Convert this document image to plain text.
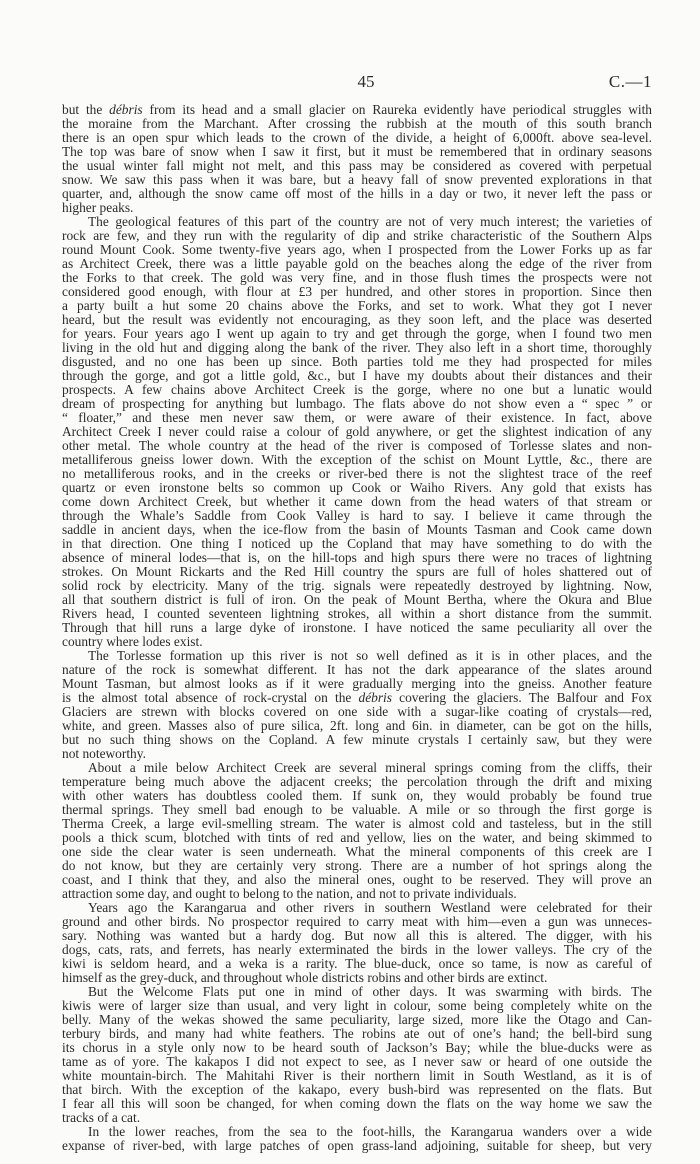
45	C.—1
but the débris from its head and a small glacier on Raureka evidently have periodical struggles with
the moraine from the Marchant. After crossing the rubbish at the mouth of this south branch
there is an open spur which leads to the crown of the divide, a height of 6,000ft. above sea-level.
The top was bare of snow when I saw it first, but it must be remembered that in ordinary seasons
the usual winter fall might not melt, and this pass may be considered as covered with perpetual
snow. We saw this pass when it was bare, but a heavy fall of snow prevented explorations in that
quarter, and, although the snow came off most of the hills in a day or two, it never left the pass or
higher peaks.
The geological features of this part of the country are not of very much interest; the varieties of
rock are few, and they run with the regularity of dip and strike characteristic of the Southern Alps
round Mount Cook. Some twenty-five years ago, when I prospected from the Lower Forks up as far
as Architect Creek, there was a little payable gold on the beaches along the edge of the river from
the Forks to that creek. The gold was very fine, and in those flush times the prospects were not
considered good enough, with flour at £3 per hundred, and other stores in proportion. Since then
a party built a hut some 20 chains above the Forks, and set to work. What they got I never
heard, but the result was evidently not encouraging, as they soon left, and the place was deserted
for years. Four years ago I went up again to try and get through the gorge, when I found two men
living in the old hut and digging along the bank of the river. They also left in a short time, thoroughly
disgusted, and no one has been up since. Both parties told me they had prospected for miles
through the gorge, and got a little gold, &c., but I have my doubts about their distances and their
prospects. A few chains above Architect Creek is the gorge, where no one but a lunatic would
dream of prospecting for anything but lumbago. The flats above do not show even a “ spec ” or
“ floater,” and these men never saw them, or were aware of their existence. In fact, above
Architect Creek I never could raise a colour of gold anywhere, or get the slightest indication of any
other metal. The whole country at the head of the river is composed of Torlesse slates and non-
metalliferous gneiss lower down. With the exception of the schist on Mount Lyttle, &c., there are
no metalliferous rooks, and in the creeks or river-bed there is not the slightest trace of the reef
quartz or even ironstone belts so common up Cook or Waiho Rivers. Any gold that exists has
come down Architect Creek, but whether it came down from the head waters of that stream or
through the Whale’s Saddle from Cook Valley is hard to say. I believe it came through the
saddle in ancient days, when the ice-flow from the basin of Mounts Tasman and Cook came down
in that direction. One thing I noticed up the Copland that may have something to do with the
absence of mineral lodes—that is, on the hill-tops and high spurs there were no traces of lightning
strokes. On Mount Rickarts and the Red Hill country the spurs are full of holes shattered out of
solid rock by electricity. Many of the trig. signals were repeatedly destroyed by lightning. Now,
all that southern district is full of iron. On the peak of Mount Bertha, where the Okura and Blue
Rivers head, I counted seventeen lightning strokes, all within a short distance from the summit.
Through that hill runs a large dyke of ironstone. I have noticed the same peculiarity all over the
country where lodes exist.
The Torlesse formation up this river is not so well defined as it is in other places, and the
nature of the rock is somewhat different. It has not the dark appearance of the slates around
Mount Tasman, but almost looks as if it were gradually merging into the gneiss. Another feature
is the almost total absence of rock-crystal on the débris covering the glaciers. The Balfour and Fox
Glaciers are strewn with blocks covered on one side with a sugar-like coating of crystals—red,
white, and green. Masses also of pure silica, 2ft. long and 6in. in diameter, can be got on the hills,
but no such thing shows on the Copland. A few minute crystals I certainly saw, but they were
not noteworthy.
About a mile below Architect Creek are several mineral springs coming from the cliffs, their
temperature being much above the adjacent creeks; the percolation through the drift and mixing
with other waters has doubtless cooled them. If sunk on, they would probably be found true
thermal springs. They smell bad enough to be valuable. A mile or so through the first gorge is
Therma Creek, a large evil-smelling stream. The water is almost cold and tasteless, but in the still
pools a thick scum, blotched with tints of red and yellow, lies on the water, and being skimmed to
one side the clear water is seen underneath. What the mineral components of this creek are I
do not know, but they are certainly very strong. There are a number of hot springs along the
coast, and I think that they, and also the mineral ones, ought to be reserved. They will prove an
attraction some day, and ought to belong to the nation, and not to private individuals.
Years ago the Karangarua and other rivers in southern Westland were celebrated for their
ground and other birds. No prospector required to carry meat with him—even a gun was unneces-
sary. Nothing was wanted but a hardy dog. But now all this is altered. The digger, with his
dogs, cats, rats, and ferrets, has nearly exterminated the birds in the lower valleys. The cry of the
kiwi is seldom heard, and a weka is a rarity. The blue-duck, once so tame, is now as careful of
himself as the grey-duck, and throughout whole districts robins and other birds are extinct.
But the Welcome Flats put one in mind of other days. It was swarming with birds. The
kiwis were of larger size than usual, and very light in colour, some being completely white on the
belly. Many of the wekas showed the same peculiarity, large sized, more like the Otago and Can-
terbury birds, and many had white feathers. The robins ate out of one’s hand; the bell-bird sung
its chorus in a style only now to be heard south of Jackson’s Bay; while the blue-ducks were as
tame as of yore. The kakapos I did not expect to see, as I never saw or heard of one outside the
white mountain-birch. The Mahitahi River is their northern limit in South Westland, as it is of
that birch. With the exception of the kakapo, every bush-bird was represented on the flats. But
I fear all this will soon be changed, for when coming down the flats on the way home we saw the
tracks of a cat.
In the lower reaches, from the sea to the foot-hills, the Karangarua wanders over a wide
expanse of river-bed, with large patches of open grass-land adjoining, suitable for sheep, but very
